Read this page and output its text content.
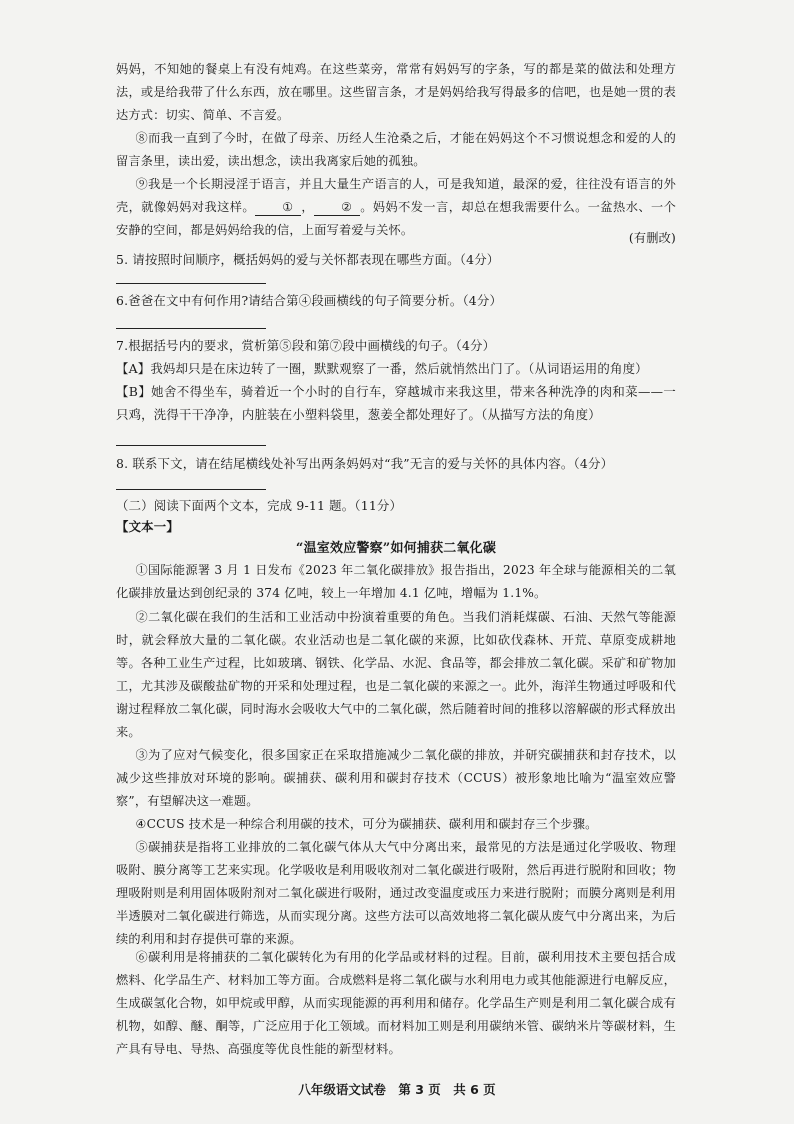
妈妈，不知她的餐桌上有没有炖鸡。在这些菜旁，常常有妈妈写的字条，写的都是菜的做法和处理方法，或是给我带了什么东西，放在哪里。这些留言条，才是妈妈给我写得最多的信吧，也是她一贯的表达方式：切实、简单、不言爱。

⑧而我一直到了今时，在做了母亲、历经人生沧桑之后，才能在妈妈这个不习惯说想念和爱的人的留言条里，读出爱，读出想念，读出我离家后她的孤独。

⑨我是一个长期浸淫于语言，并且大量生产语言的人，可是我知道，最深的爱，往往没有语言的外壳，就像妈妈对我这样。 ① ， ② 。妈妈不发一言，却总在想我需要什么。一盆热水、一个安静的空间，都是妈妈给我的信，上面写着爱与关怀。

(有删改)

5. 请按照时间顺序，概括妈妈的爱与关怀都表现在哪些方面。（4分）

6.爸爸在文中有何作用?请结合第④段画横线的句子简要分析。（4分）

7.根据括号内的要求，赏析第⑤段和第⑦段中画横线的句子。（4分）

【A】我妈却只是在床边转了一圈，默默观察了一番，然后就悄然出门了。（从词语运用的角度）

【B】她舍不得坐车，骑着近一个小时的自行车，穿越城市来我这里，带来各种洗净的肉和菜——一只鸡，洗得干干净净，内脏装在小塑料袋里，葱姜全都处理好了。（从描写方法的角度）

8. 联系下文，请在结尾横线处补写出两条妈妈对“我”无言的爱与关怀的具体内容。（4分）

（二）阅读下面两个文本，完成 9-11 题。（11分）

【文本一】

“温室效应警察”如何捕获二氧化碳

①国际能源署 3 月 1 日发布《2023 年二氧化碳排放》报告指出，2023 年全球与能源相关的二氧化碳排放量达到创纪录的 374 亿吨，较上一年增加 4.1 亿吨，增幅为 1.1%。

②二氧化碳在我们的生活和工业活动中扮演着重要的角色。当我们消耗煤碳、石油、天然气等能源时，就会释放大量的二氧化碳。农业活动也是二氧化碳的来源，比如砍伐森林、开荒、草原变成耕地等。各种工业生产过程，比如玻璃、钢铁、化学品、水泥、食品等，都会排放二氧化碳。采矿和矿物加工，尤其涉及碳酸盐矿物的开采和处理过程，也是二氧化碳的来源之一。此外，海洋生物通过呼吸和代谢过程释放二氧化碳，同时海水会吸收大气中的二氧化碳，然后随着时间的推移以溶解碳的形式释放出来。

③为了应对气候变化，很多国家正在采取措施减少二氧化碳的排放，并研究碳捕获和封存技术，以减少这些排放对环境的影响。碳捕获、碳利用和碳封存技术（CCUS）被形象地比喻为“温室效应警察”，有望解决这一难题。

④CCUS 技术是一种综合利用碳的技术，可分为碳捕获、碳利用和碳封存三个步骤。

⑤碳捕获是指将工业排放的二氧化碳气体从大气中分离出来，最常见的方法是通过化学吸收、物理吸附、膜分离等工艺来实现。化学吸收是利用吸收剂对二氧化碳进行吸附，然后再进行脱附和回收；物理吸附则是利用固体吸附剂对二氧化碳进行吸附，通过改变温度或压力来进行脱附；而膜分离则是利用半透膜对二氧化碳进行筛选，从而实现分离。这些方法可以高效地将二氧化碳从废气中分离出来，为后续的利用和封存提供可靠的来源。

⑥碳利用是将捕获的二氧化碳转化为有用的化学品或材料的过程。目前，碳利用技术主要包括合成燃料、化学品生产、材料加工等方面。合成燃料是将二氧化碳与水利用电力或其他能源进行电解反应，生成碳氢化合物，如甲烷或甲醇，从而实现能源的再利用和储存。化学品生产则是利用二氧化碳合成有机物，如醇、醚、酮等，广泛应用于化工领域。而材料加工则是利用碳纳米管、碳纳米片等碳材料，生产具有导电、导热、高强度等优良性能的新型材料。

八年级语文试卷　第 3 页　共 6 页
